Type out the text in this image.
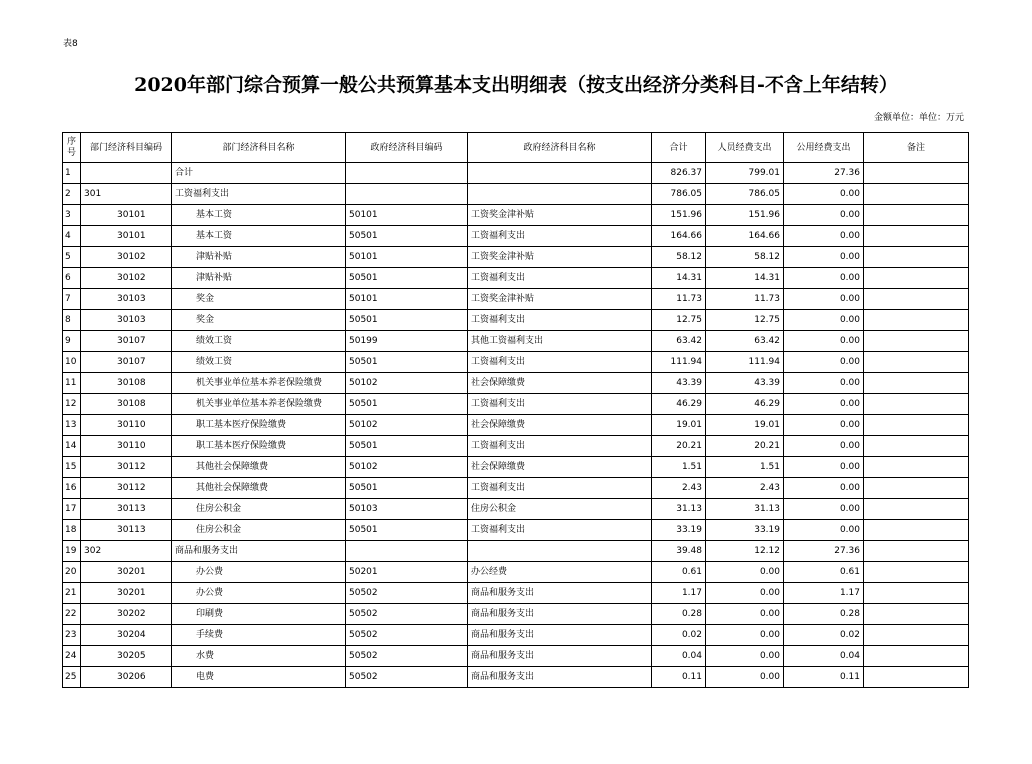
表8
2020年部门综合预算一般公共预算基本支出明细表（按支出经济分类科目-不含上年结转）
金额单位：单位：万元
序号	部门经济科目编码	部门经济科目名称	政府经济科目编码	政府经济科目名称	合计	人员经费支出	公用经费支出	备注
1		合计			826.37	799.01	27.36	
2	301	工资福利支出			786.05	786.05	0.00	
3	30101	基本工资	50101	工资奖金津补贴	151.96	151.96	0.00	
4	30101	基本工资	50501	工资福利支出	164.66	164.66	0.00	
5	30102	津贴补贴	50101	工资奖金津补贴	58.12	58.12	0.00	
6	30102	津贴补贴	50501	工资福利支出	14.31	14.31	0.00	
7	30103	奖金	50101	工资奖金津补贴	11.73	11.73	0.00	
8	30103	奖金	50501	工资福利支出	12.75	12.75	0.00	
9	30107	绩效工资	50199	其他工资福利支出	63.42	63.42	0.00	
10	30107	绩效工资	50501	工资福利支出	111.94	111.94	0.00	
11	30108	机关事业单位基本养老保险缴费	50102	社会保障缴费	43.39	43.39	0.00	
12	30108	机关事业单位基本养老保险缴费	50501	工资福利支出	46.29	46.29	0.00	
13	30110	职工基本医疗保险缴费	50102	社会保障缴费	19.01	19.01	0.00	
14	30110	职工基本医疗保险缴费	50501	工资福利支出	20.21	20.21	0.00	
15	30112	其他社会保障缴费	50102	社会保障缴费	1.51	1.51	0.00	
16	30112	其他社会保障缴费	50501	工资福利支出	2.43	2.43	0.00	
17	30113	住房公积金	50103	住房公积金	31.13	31.13	0.00	
18	30113	住房公积金	50501	工资福利支出	33.19	33.19	0.00	
19	302	商品和服务支出			39.48	12.12	27.36	
20	30201	办公费	50201	办公经费	0.61	0.00	0.61	
21	30201	办公费	50502	商品和服务支出	1.17	0.00	1.17	
22	30202	印刷费	50502	商品和服务支出	0.28	0.00	0.28	
23	30204	手续费	50502	商品和服务支出	0.02	0.00	0.02	
24	30205	水费	50502	商品和服务支出	0.04	0.00	0.04	
25	30206	电费	50502	商品和服务支出	0.11	0.00	0.11	
